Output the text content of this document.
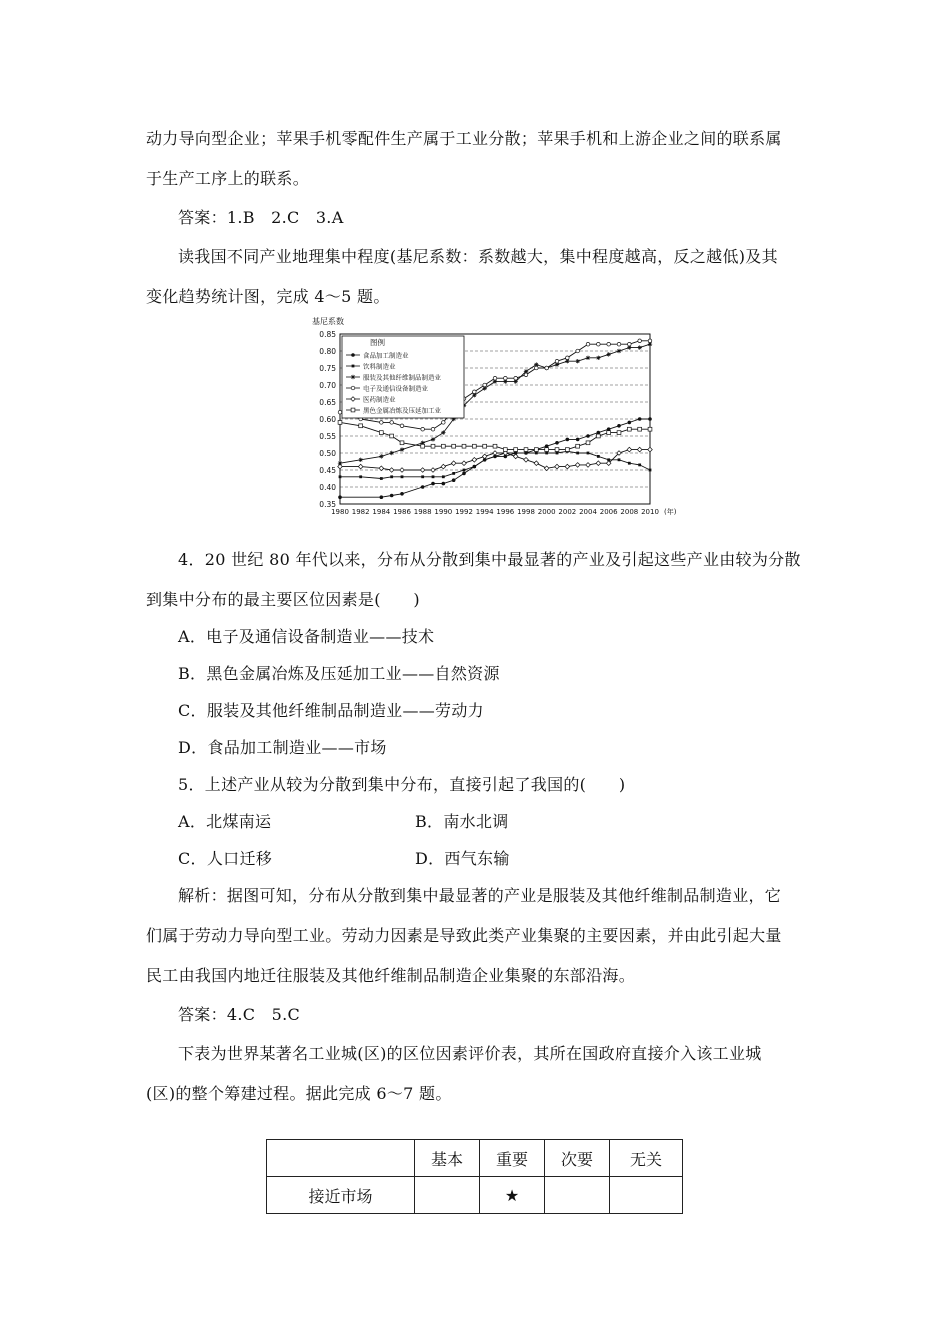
动力导向型企业；苹果手机零配件生产属于工业分散；苹果手机和上游企业之间的联系属
于生产工序上的联系。
答案：1.B　2.C　3.A
读我国不同产业地理集中程度(基尼系数：系数越大，集中程度越高，反之越低)及其
变化趋势统计图，完成 4～5 题。
基尼系数
0.35
0.40
0.45
0.50
0.55
0.60
0.65
0.70
0.75
0.80
0.85
1980 1982 1984 1986 1988 1990 1992 1994 1996 1998 2000 2002 2004 2006 2008 2010 (年)
图例
食品加工制造业
饮料制造业
服装及其他纤维制品制造业
电子及通信设备制造业
医药制造业
黑色金属冶炼及压延加工业
4．20 世纪 80 年代以来，分布从分散到集中最显著的产业及引起这些产业由较为分散
到集中分布的最主要区位因素是(　　)
A．电子及通信设备制造业——技术
B．黑色金属冶炼及压延加工业——自然资源
C．服装及其他纤维制品制造业——劳动力
D．食品加工制造业——市场
5．上述产业从较为分散到集中分布，直接引起了我国的(　　)
A．北煤南运	B．南水北调
C．人口迁移	D．西气东输
解析：据图可知，分布从分散到集中最显著的产业是服装及其他纤维制品制造业，它
们属于劳动力导向型工业。劳动力因素是导致此类产业集聚的主要因素，并由此引起大量
民工由我国内地迁往服装及其他纤维制品制造企业集聚的东部沿海。
答案：4.C　5.C
下表为世界某著名工业城(区)的区位因素评价表，其所在国政府直接介入该工业城
(区)的整个筹建过程。据此完成 6～7 题。
	基本	重要	次要	无关
接近市场		★		
